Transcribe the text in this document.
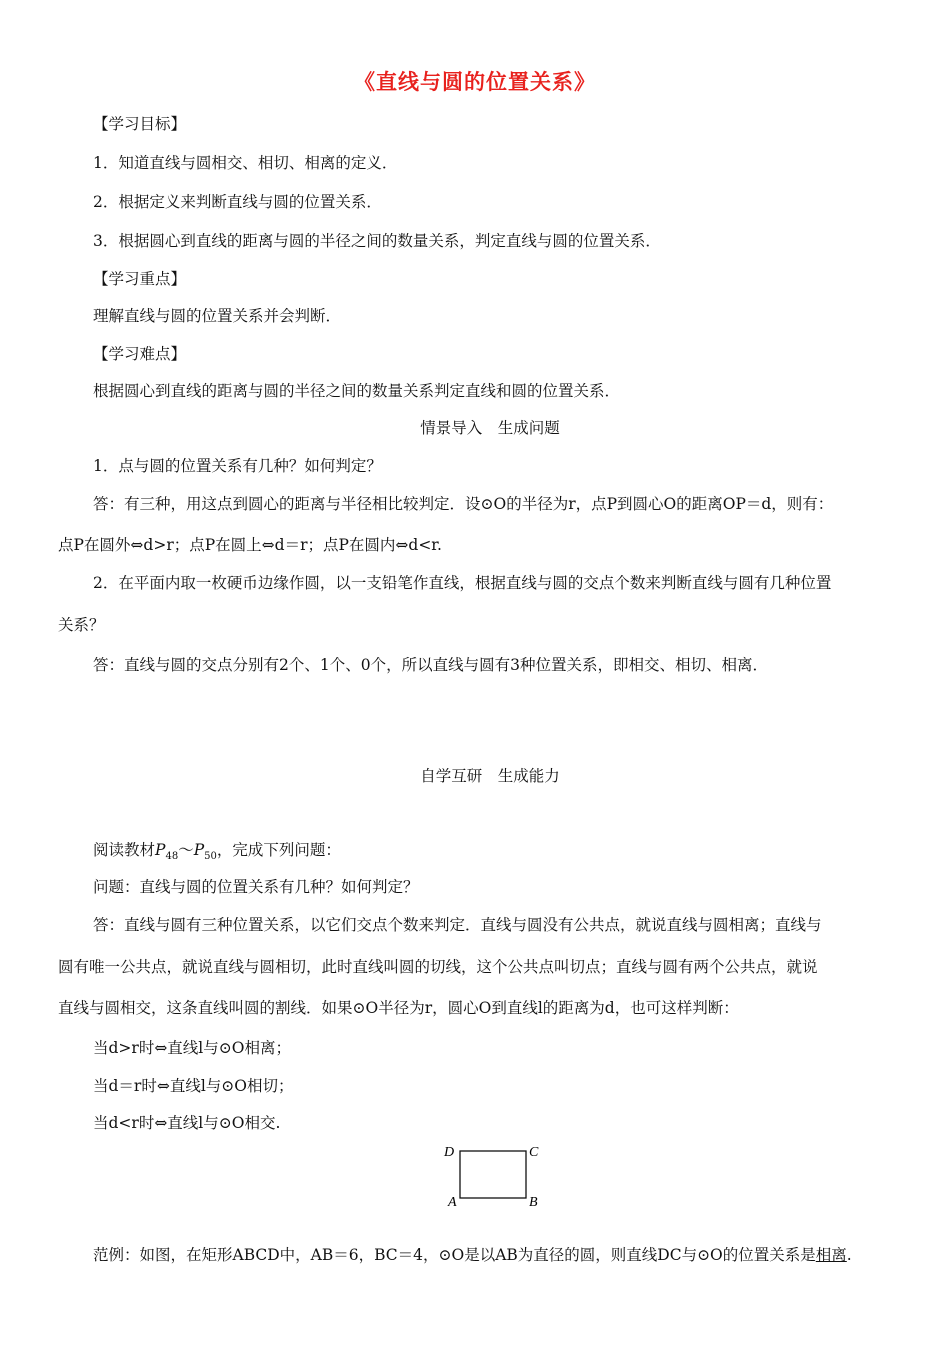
《直线与圆的位置关系》
【学习目标】
1．知道直线与圆相交、相切、相离的定义．
2．根据定义来判断直线与圆的位置关系．
3．根据圆心到直线的距离与圆的半径之间的数量关系，判定直线与圆的位置关系．
【学习重点】
理解直线与圆的位置关系并会判断．
【学习难点】
根据圆心到直线的距离与圆的半径之间的数量关系判定直线和圆的位置关系．
情景导入　生成问题
1．点与圆的位置关系有几种？如何判定？
答：有三种，用这点到圆心的距离与半径相比较判定．设⊙O的半径为r，点P到圆心O的距离OP＝d，则有：
点P在圆外⇔d>r；点P在圆上⇔d＝r；点P在圆内⇔d<r.
2．在平面内取一枚硬币边缘作圆，以一支铅笔作直线，根据直线与圆的交点个数来判断直线与圆有几种位置
关系？
答：直线与圆的交点分别有2个、1个、0个，所以直线与圆有3种位置关系，即相交、相切、相离．
自学互研　生成能力
阅读教材$P_{48}\sim P_{50}$，完成下列问题：
问题：直线与圆的位置关系有几种？如何判定？
答：直线与圆有三种位置关系，以它们交点个数来判定．直线与圆没有公共点，就说直线与圆相离；直线与
圆有唯一公共点，就说直线与圆相切，此时直线叫圆的切线，这个公共点叫切点；直线与圆有两个公共点，就说
直线与圆相交，这条直线叫圆的割线．如果⊙O半径为r，圆心O到直线l的距离为d，也可这样判断：
当d>r时⇔直线l与⊙O相离；
当d＝r时⇔直线l与⊙O相切；
当d<r时⇔直线l与⊙O相交.
D	C
A	B
范例：如图，在矩形ABCD中，AB＝6，BC＝4，⊙O是以AB为直径的圆，则直线DC与⊙O的位置关系是相离.
